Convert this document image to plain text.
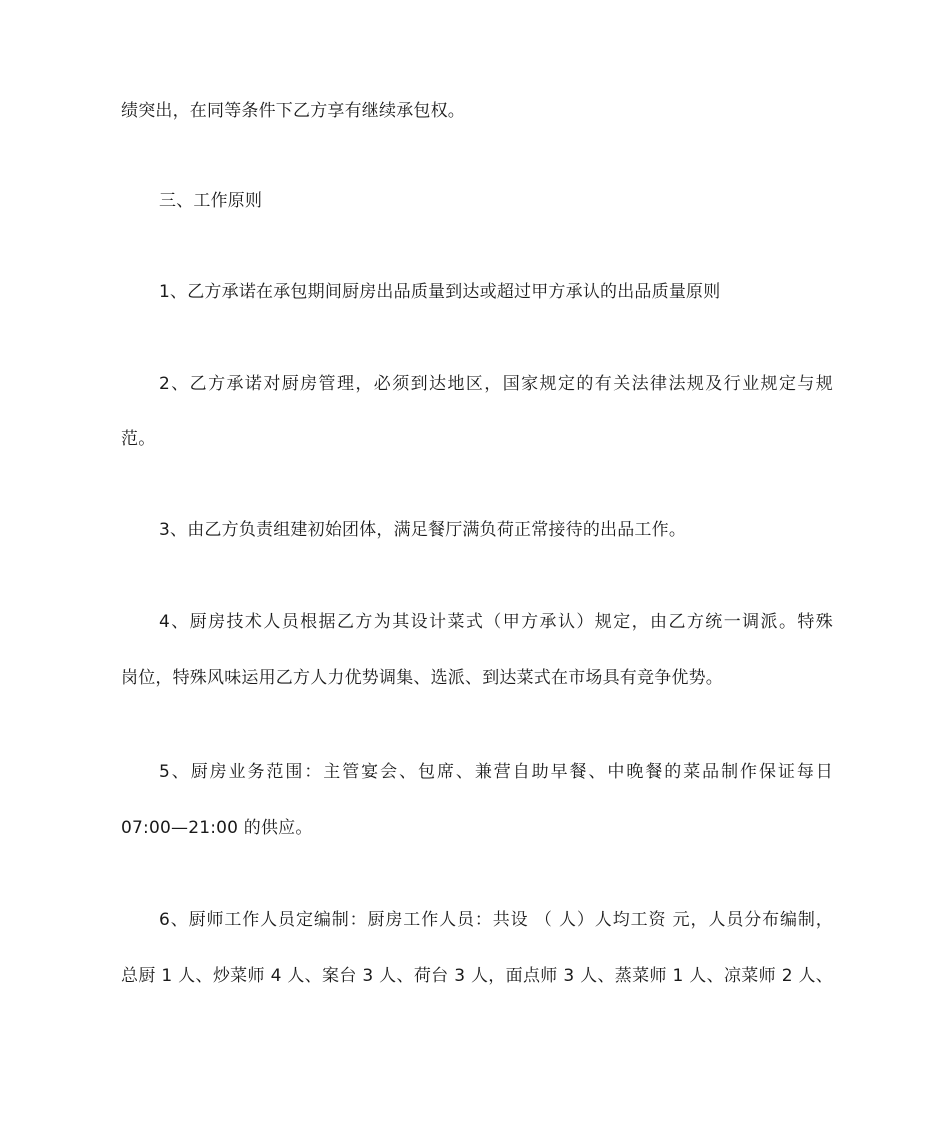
绩突出，在同等条件下乙方享有继续承包权。
三、工作原则
1、乙方承诺在承包期间厨房出品质量到达或超过甲方承认的出品质量原则
2、乙方承诺对厨房管理，必须到达地区，国家规定的有关法律法规及行业规定与规
范。
3、由乙方负责组建初始团体，满足餐厅满负荷正常接待的出品工作。
4、厨房技术人员根据乙方为其设计菜式（甲方承认）规定，由乙方统一调派。特殊
岗位，特殊风味运用乙方人力优势调集、选派、到达菜式在市场具有竞争优势。
5、厨房业务范围：主管宴会、包席、兼营自助早餐、中晚餐的菜品制作保证每日
07:00—21:00 的供应。
6、厨师工作人员定编制：厨房工作人员：共设 （ 人）人均工资 元，人员分布编制，
总厨 1 人、炒菜师 4 人、案台 3 人、荷台 3 人，面点师 3 人、蒸菜师 1 人、凉菜师 2 人、
